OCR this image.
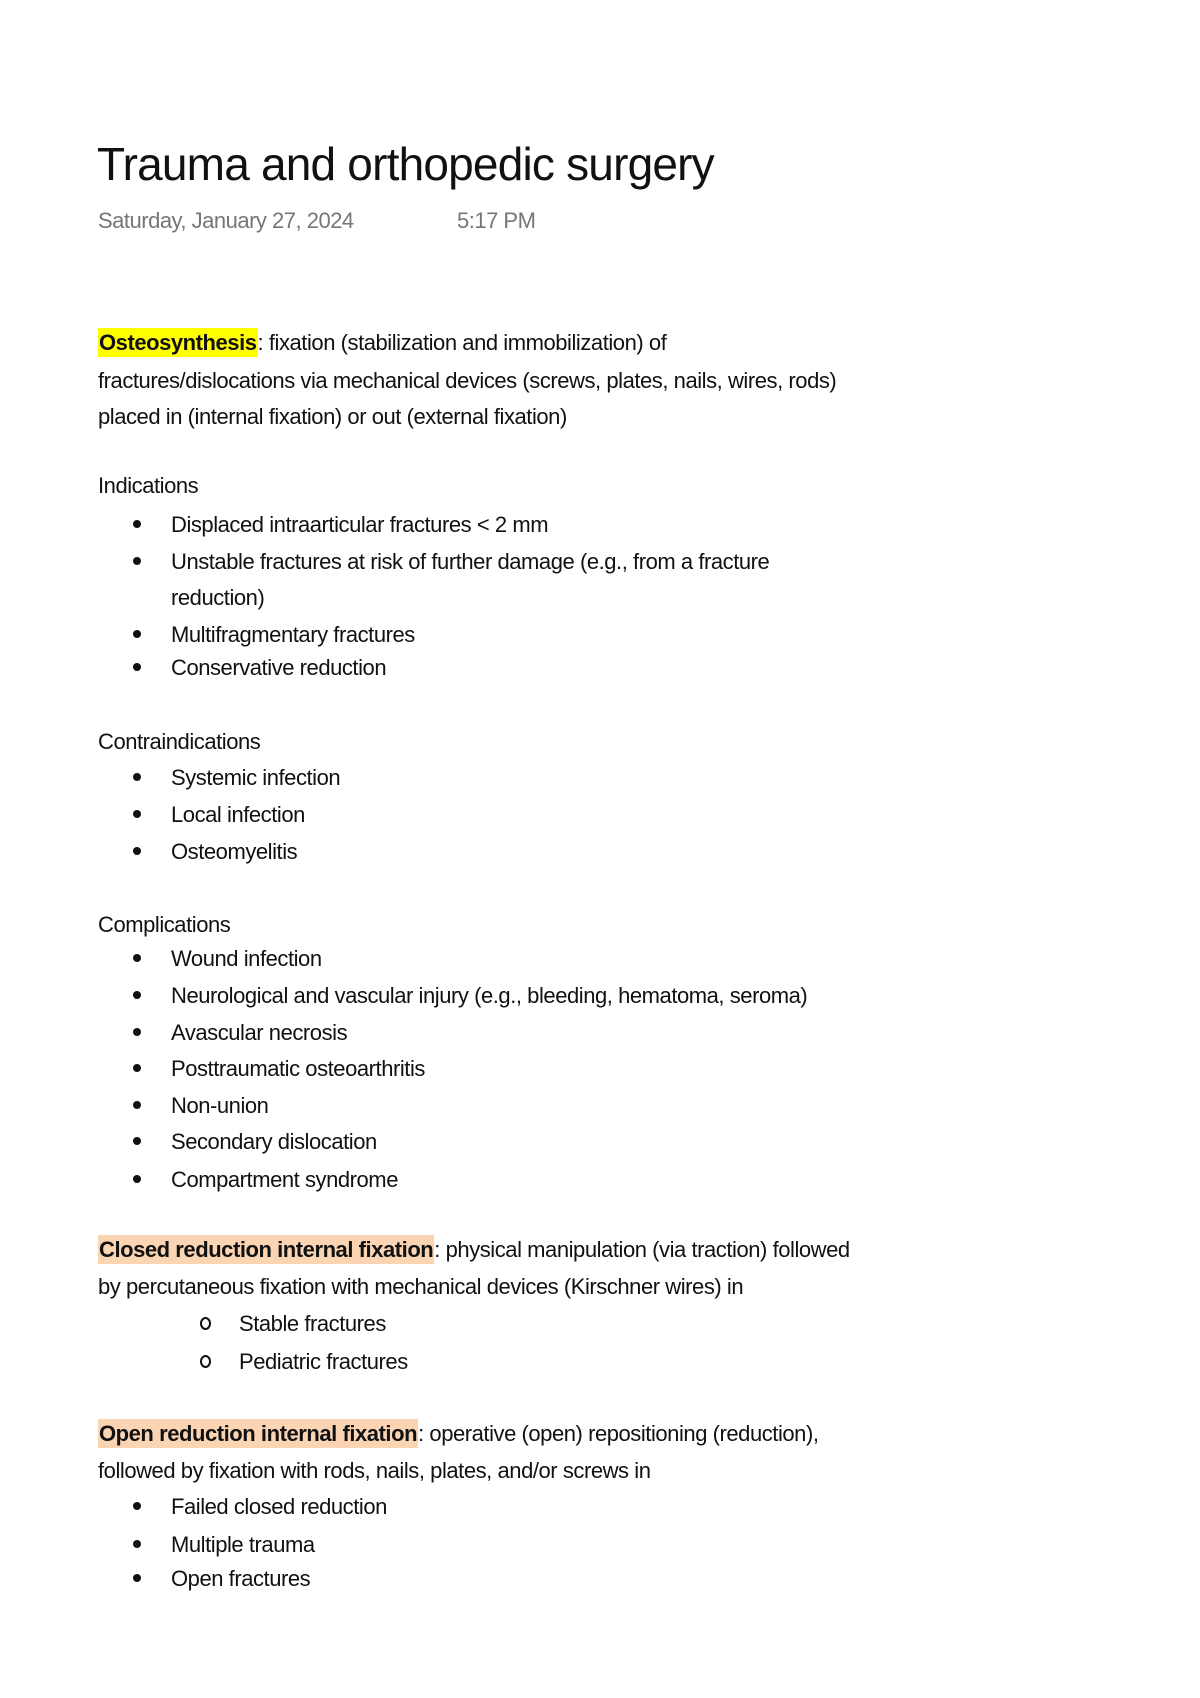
Trauma and orthopedic surgery
Saturday, January 27, 2024	5:17 PM
Osteosynthesis: fixation (stabilization and immobilization) of
fractures/dislocations via mechanical devices (screws, plates, nails, wires, rods)
placed in (internal fixation) or out (external fixation)
Indications
Displaced intraarticular fractures < 2 mm
Unstable fractures at risk of further damage (e.g., from a fracture
reduction)
Multifragmentary fractures
Conservative reduction
Contraindications
Systemic infection
Local infection
Osteomyelitis
Complications
Wound infection
Neurological and vascular injury (e.g., bleeding, hematoma, seroma)
Avascular necrosis
Posttraumatic osteoarthritis
Non-union
Secondary dislocation
Compartment syndrome
Closed reduction internal fixation: physical manipulation (via traction) followed
by percutaneous fixation with mechanical devices (Kirschner wires) in
Stable fractures
Pediatric fractures
Open reduction internal fixation: operative (open) repositioning (reduction),
followed by fixation with rods, nails, plates, and/or screws in
Failed closed reduction
Multiple trauma
Open fractures
